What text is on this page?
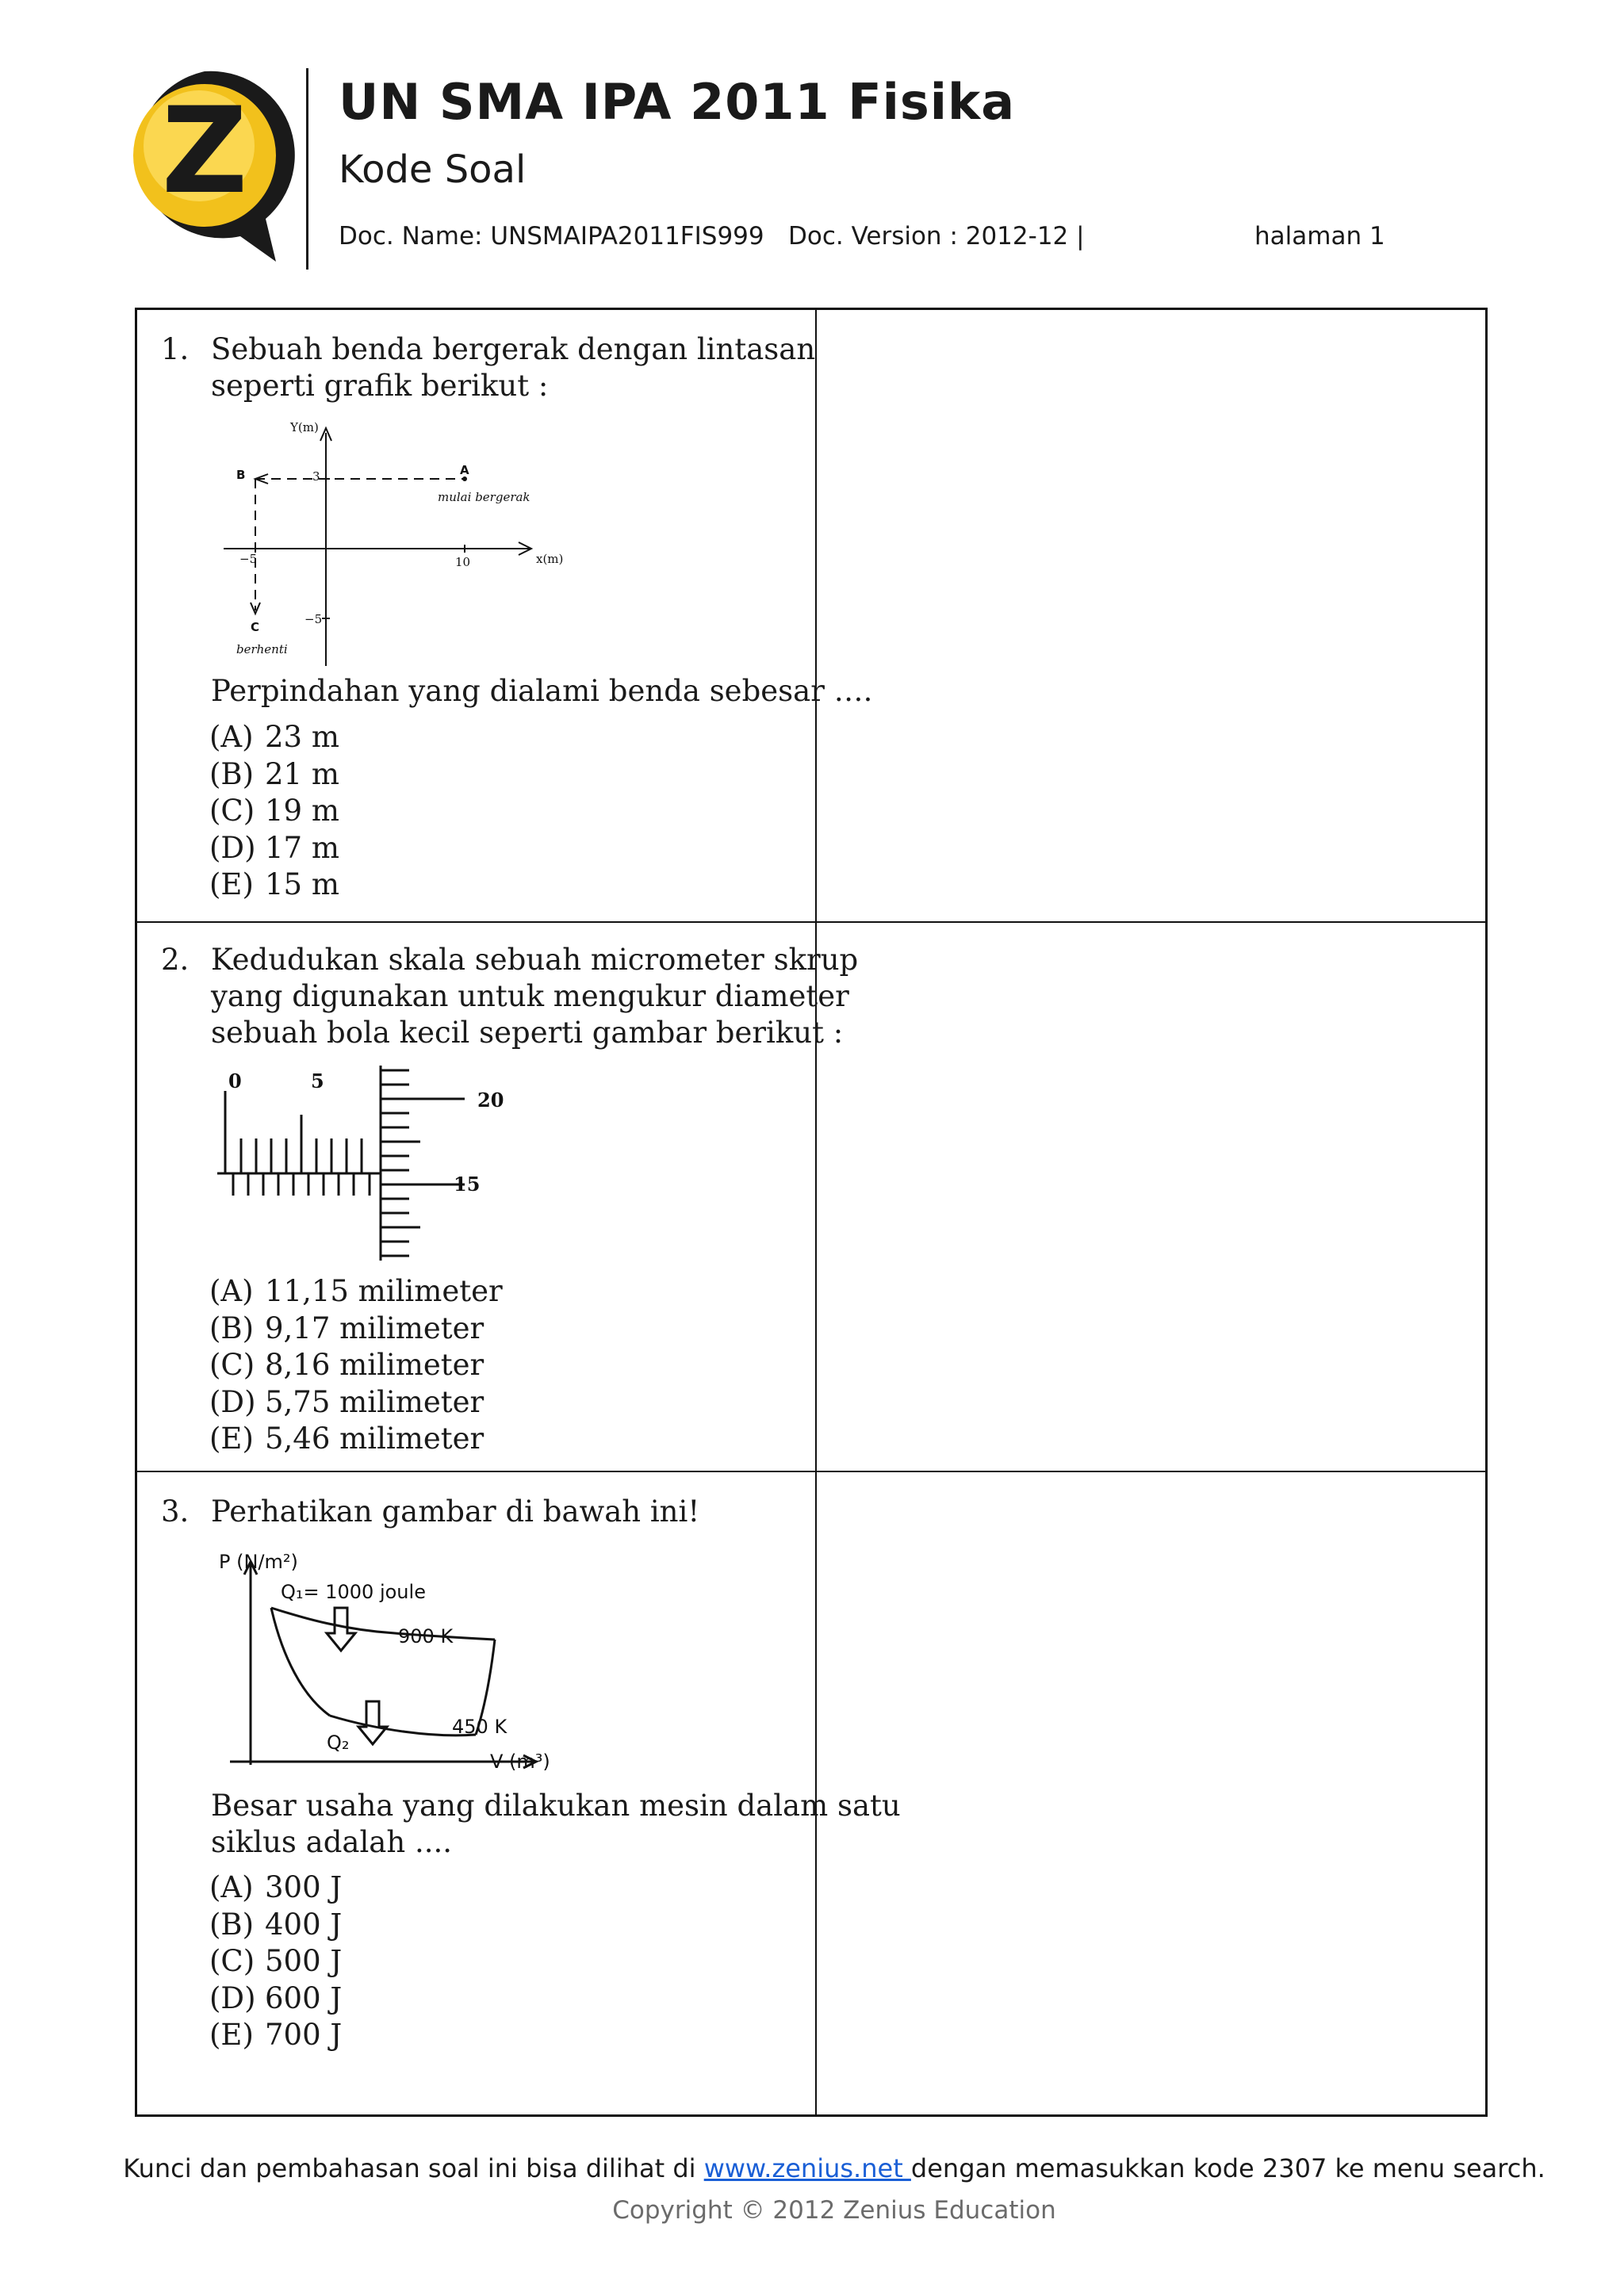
Z UN SMA IPA 2011 Fisika
Kode Soal
Doc. Name: UNSMAIPA2011FIS999 Doc. Version : 2012-12 |	halaman 1
1. Sebuah benda bergerak dengan lintasan
seperti grafik berikut :
Y(m)
x(m)
B	A
C
mulai bergerak
berhenti
3
10
−5
−5
Perpindahan yang dialami benda sebesar ….
(A) 23 m
(B) 21 m
(C) 19 m
(D) 17 m
(E) 15 m
2. Kedudukan skala sebuah micrometer skrup
yang digunakan untuk mengukur diameter
sebuah bola kecil seperti gambar berikut :
0	5
20
15
(A) 11,15 milimeter
(B) 9,17 milimeter
(C) 8,16 milimeter
(D) 5,75 milimeter
(E) 5,46 milimeter
3. Perhatikan gambar di bawah ini!
P (N/m²)
Q₁= 1000 joule
900 K
450 K
Q₂
V (m³)
Besar usaha yang dilakukan mesin dalam satu
siklus adalah ....
(A) 300 J
(B) 400 J
(C) 500 J
(D) 600 J
(E) 700 J
Kunci dan pembahasan soal ini bisa dilihat di www.zenius.net dengan memasukkan kode 2307 ke menu search.
Copyright © 2012 Zenius Education
